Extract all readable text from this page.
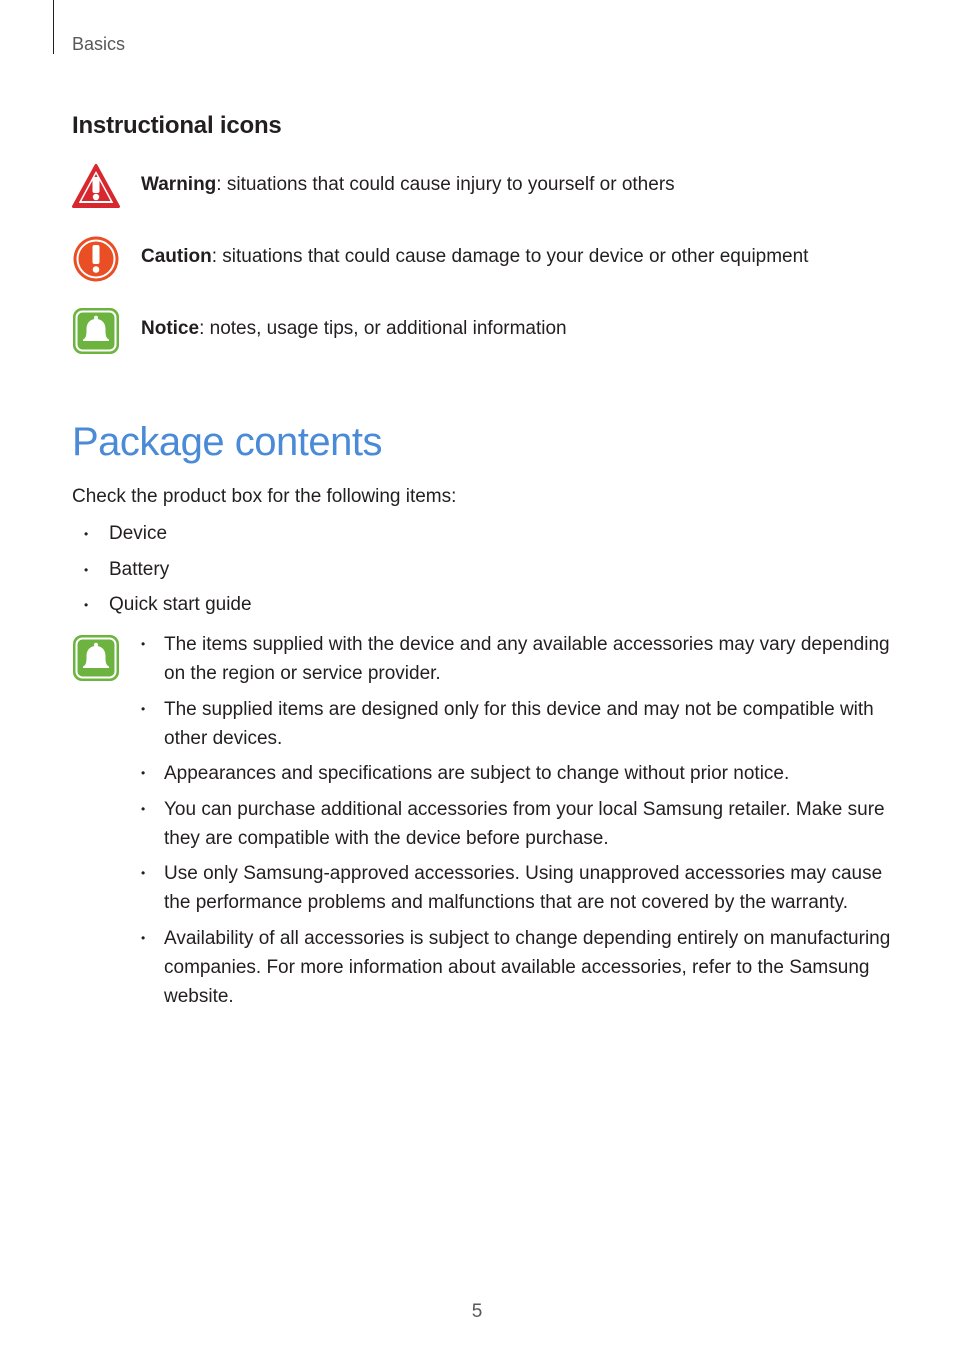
Basics
Instructional icons
Warning: situations that could cause injury to yourself or others
Caution: situations that could cause damage to your device or other equipment
Notice: notes, usage tips, or additional information
Package contents
Check the product box for the following items:
• Device
• Battery
• Quick start guide
• The items supplied with the device and any available accessories may vary depending on the region or service provider.
• The supplied items are designed only for this device and may not be compatible with other devices.
• Appearances and specifications are subject to change without prior notice.
• You can purchase additional accessories from your local Samsung retailer. Make sure they are compatible with the device before purchase.
• Use only Samsung-approved accessories. Using unapproved accessories may cause the performance problems and malfunctions that are not covered by the warranty.
• Availability of all accessories is subject to change depending entirely on manufacturing companies. For more information about available accessories, refer to the Samsung website.
5
